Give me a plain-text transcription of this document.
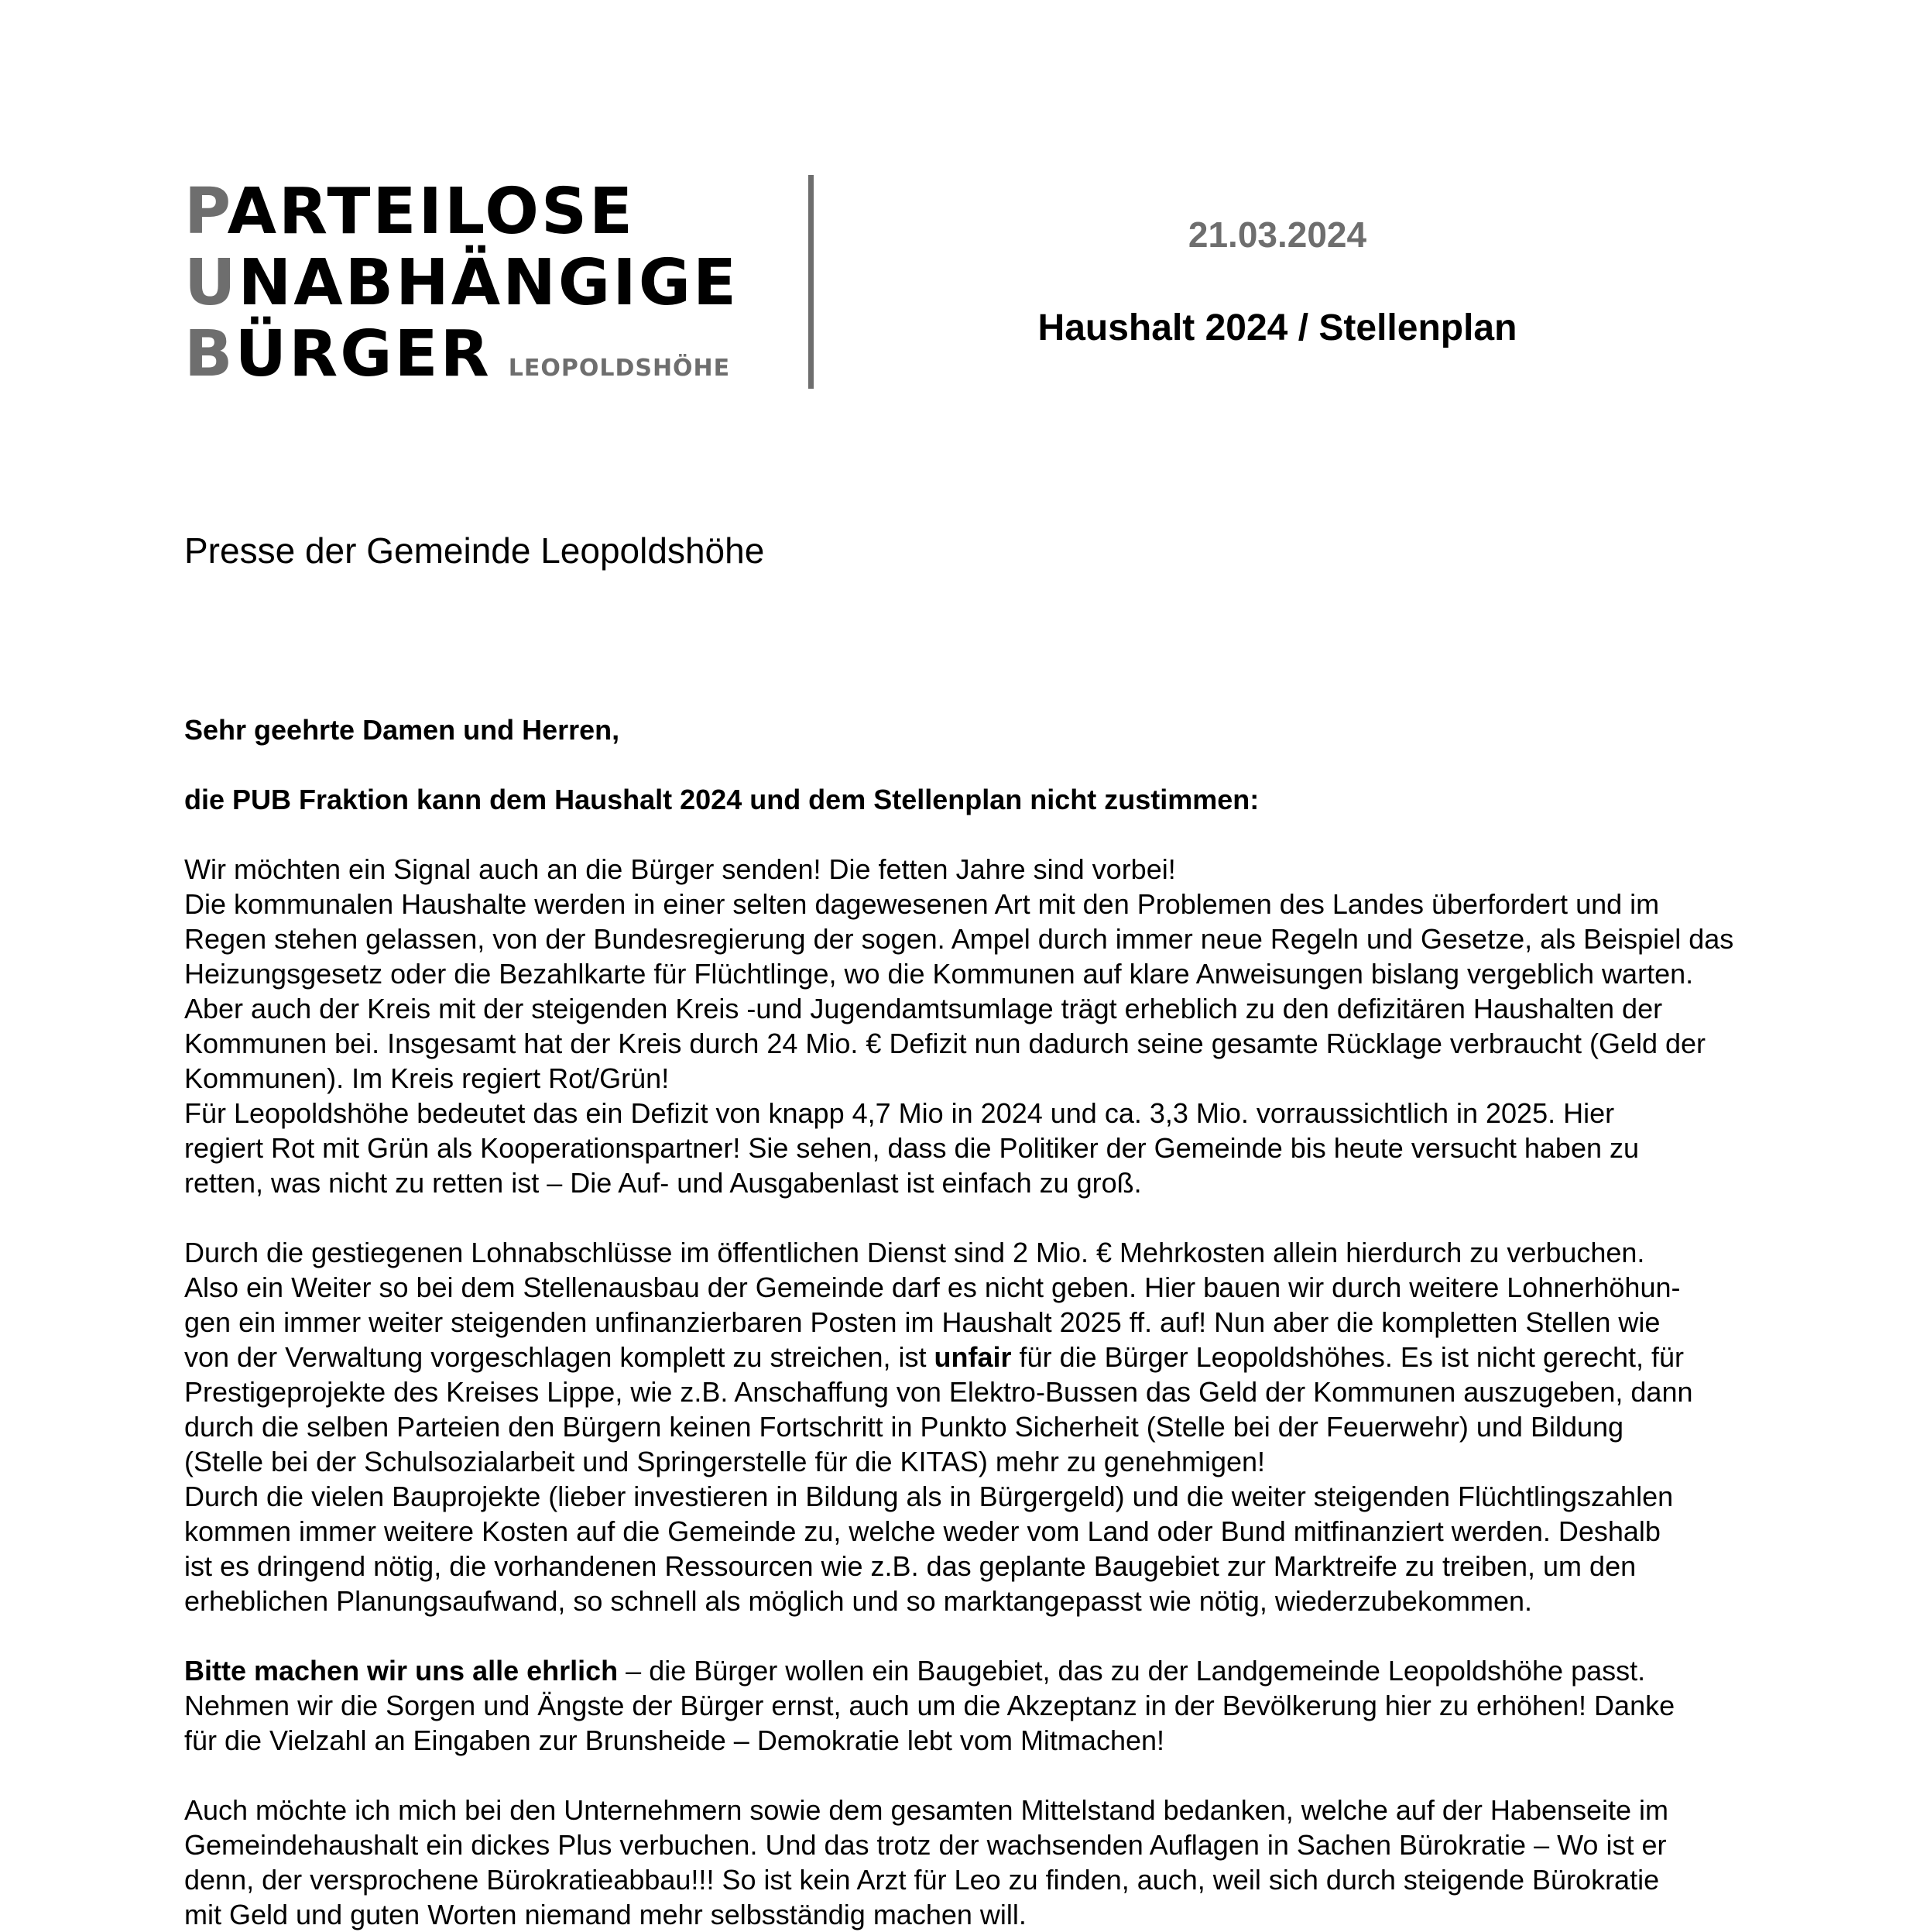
PARTEILOSE
UNABHÄNGIGE
BÜRGER LEOPOLDSHÖHE
21.03.2024
Haushalt 2024 / Stellenplan
Presse der Gemeinde Leopoldshöhe
Sehr geehrte Damen und Herren,
die PUB Fraktion kann dem Haushalt 2024 und dem Stellenplan nicht zustimmen:
Wir möchten ein Signal auch an die Bürger senden! Die fetten Jahre sind vorbei!
Die kommunalen Haushalte werden in einer selten dagewesenen Art mit den Problemen des Landes überfordert und im
Regen stehen gelassen, von der Bundesregierung der sogen. Ampel durch immer neue Regeln und Gesetze, als Beispiel das
Heizungsgesetz oder die Bezahlkarte für Flüchtlinge, wo die Kommunen auf klare Anweisungen bislang vergeblich warten.
Aber auch der Kreis mit der steigenden Kreis -und Jugendamtsumlage trägt erheblich zu den defizitären Haushalten der
Kommunen bei. Insgesamt hat der Kreis durch 24 Mio. € Defizit nun dadurch seine gesamte Rücklage verbraucht (Geld der
Kommunen). Im Kreis regiert Rot/Grün!
Für Leopoldshöhe bedeutet das ein Defizit von knapp 4,7 Mio in 2024 und ca. 3,3 Mio. vorraussichtlich in 2025. Hier
regiert Rot mit Grün als Kooperationspartner! Sie sehen, dass die Politiker der Gemeinde bis heute versucht haben zu
retten, was nicht zu retten ist – Die Auf- und Ausgabenlast ist einfach zu groß.
Durch die gestiegenen Lohnabschlüsse im öffentlichen Dienst sind 2 Mio. € Mehrkosten allein hierdurch zu verbuchen.
Also ein Weiter so bei dem Stellenausbau der Gemeinde darf es nicht geben. Hier bauen wir durch weitere Lohnerhöhun-
gen ein immer weiter steigenden unfinanzierbaren Posten im Haushalt 2025 ff. auf! Nun aber die kompletten Stellen wie
von der Verwaltung vorgeschlagen komplett zu streichen, ist unfair für die Bürger Leopoldshöhes. Es ist nicht gerecht, für
Prestigeprojekte des Kreises Lippe, wie z.B. Anschaffung von Elektro-Bussen das Geld der Kommunen auszugeben, dann
durch die selben Parteien den Bürgern keinen Fortschritt in Punkto Sicherheit (Stelle bei der Feuerwehr) und Bildung
(Stelle bei der Schulsozialarbeit und Springerstelle für die KITAS) mehr zu genehmigen!
Durch die vielen Bauprojekte (lieber investieren in Bildung als in Bürgergeld) und die weiter steigenden Flüchtlingszahlen
kommen immer weitere Kosten auf die Gemeinde zu, welche weder vom Land oder Bund mitfinanziert werden. Deshalb
ist es dringend nötig, die vorhandenen Ressourcen wie z.B. das geplante Baugebiet zur Marktreife zu treiben, um den
erheblichen Planungsaufwand, so schnell als möglich und so marktangepasst wie nötig, wiederzubekommen.
Bitte machen wir uns alle ehrlich – die Bürger wollen ein Baugebiet, das zu der Landgemeinde Leopoldshöhe passt.
Nehmen wir die Sorgen und Ängste der Bürger ernst, auch um die Akzeptanz in der Bevölkerung hier zu erhöhen! Danke
für die Vielzahl an Eingaben zur Brunsheide – Demokratie lebt vom Mitmachen!
Auch möchte ich mich bei den Unternehmern sowie dem gesamten Mittelstand bedanken, welche auf der Habenseite im
Gemeindehaushalt ein dickes Plus verbuchen. Und das trotz der wachsenden Auflagen in Sachen Bürokratie – Wo ist er
denn, der versprochene Bürokratieabbau!!! So ist kein Arzt für Leo zu finden, auch, weil sich durch steigende Bürokratie
mit Geld und guten Worten niemand mehr selbsständig machen will.
